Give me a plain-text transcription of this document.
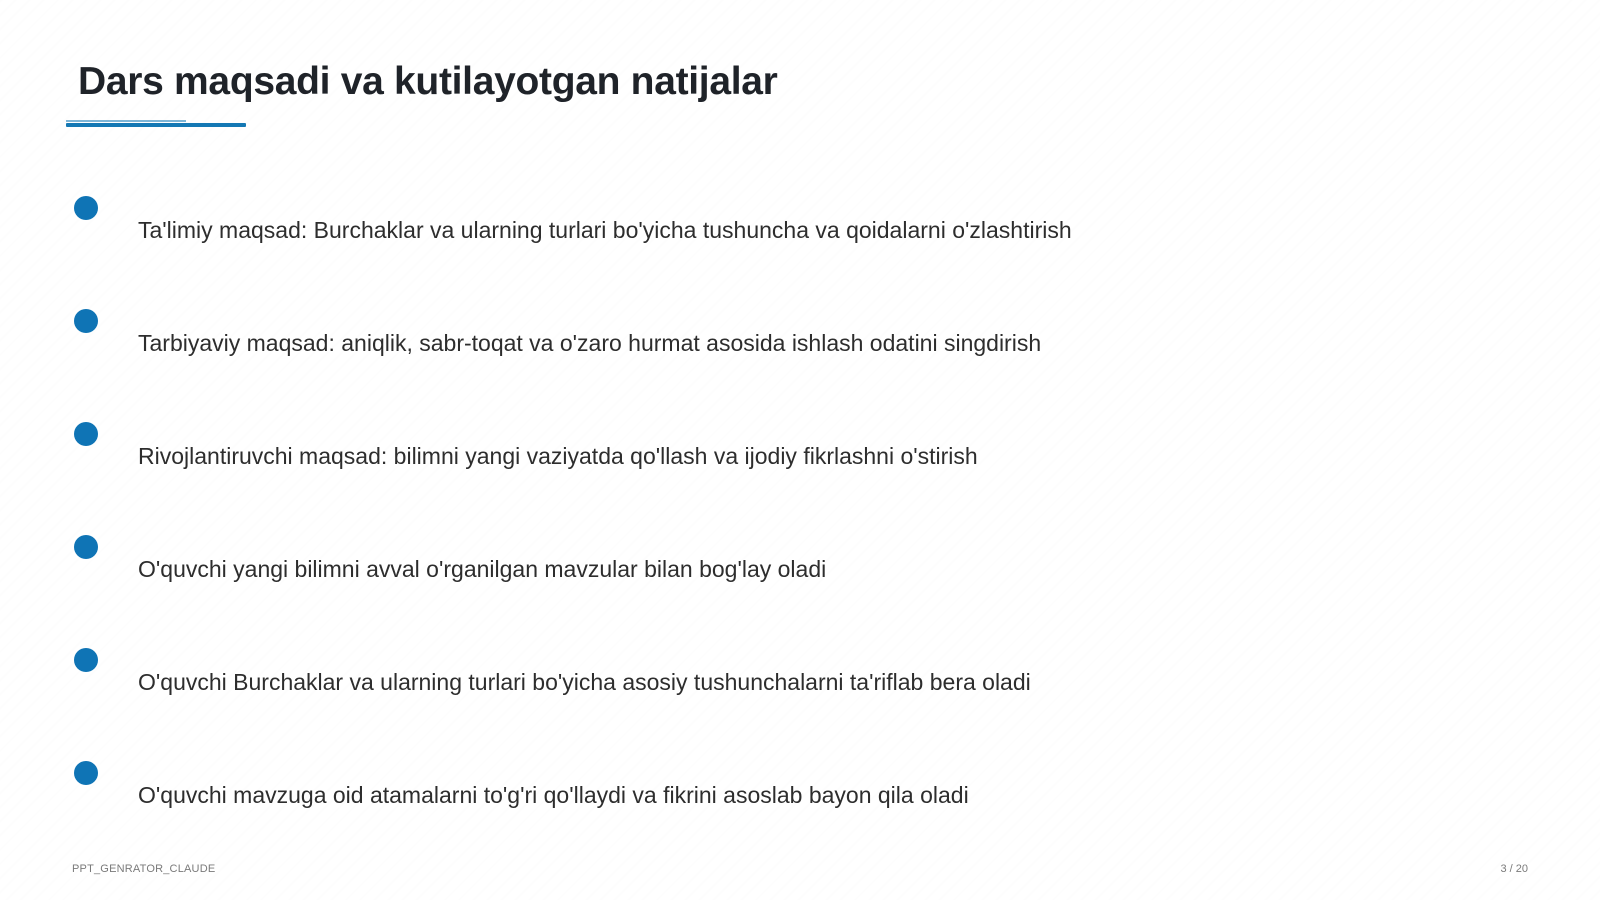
Dars maqsadi va kutilayotgan natijalar
Ta'limiy maqsad: Burchaklar va ularning turlari bo'yicha tushuncha va qoidalarni o'zlashtirish
Tarbiyaviy maqsad: aniqlik, sabr-toqat va o'zaro hurmat asosida ishlash odatini singdirish
Rivojlantiruvchi maqsad: bilimni yangi vaziyatda qo'llash va ijodiy fikrlashni o'stirish
O'quvchi yangi bilimni avval o'rganilgan mavzular bilan bog'lay oladi
O'quvchi Burchaklar va ularning turlari bo'yicha asosiy tushunchalarni ta'riflab bera oladi
O'quvchi mavzuga oid atamalarni to'g'ri qo'llaydi va fikrini asoslab bayon qila oladi
PPT_GENRATOR_CLAUDE	3 / 20
